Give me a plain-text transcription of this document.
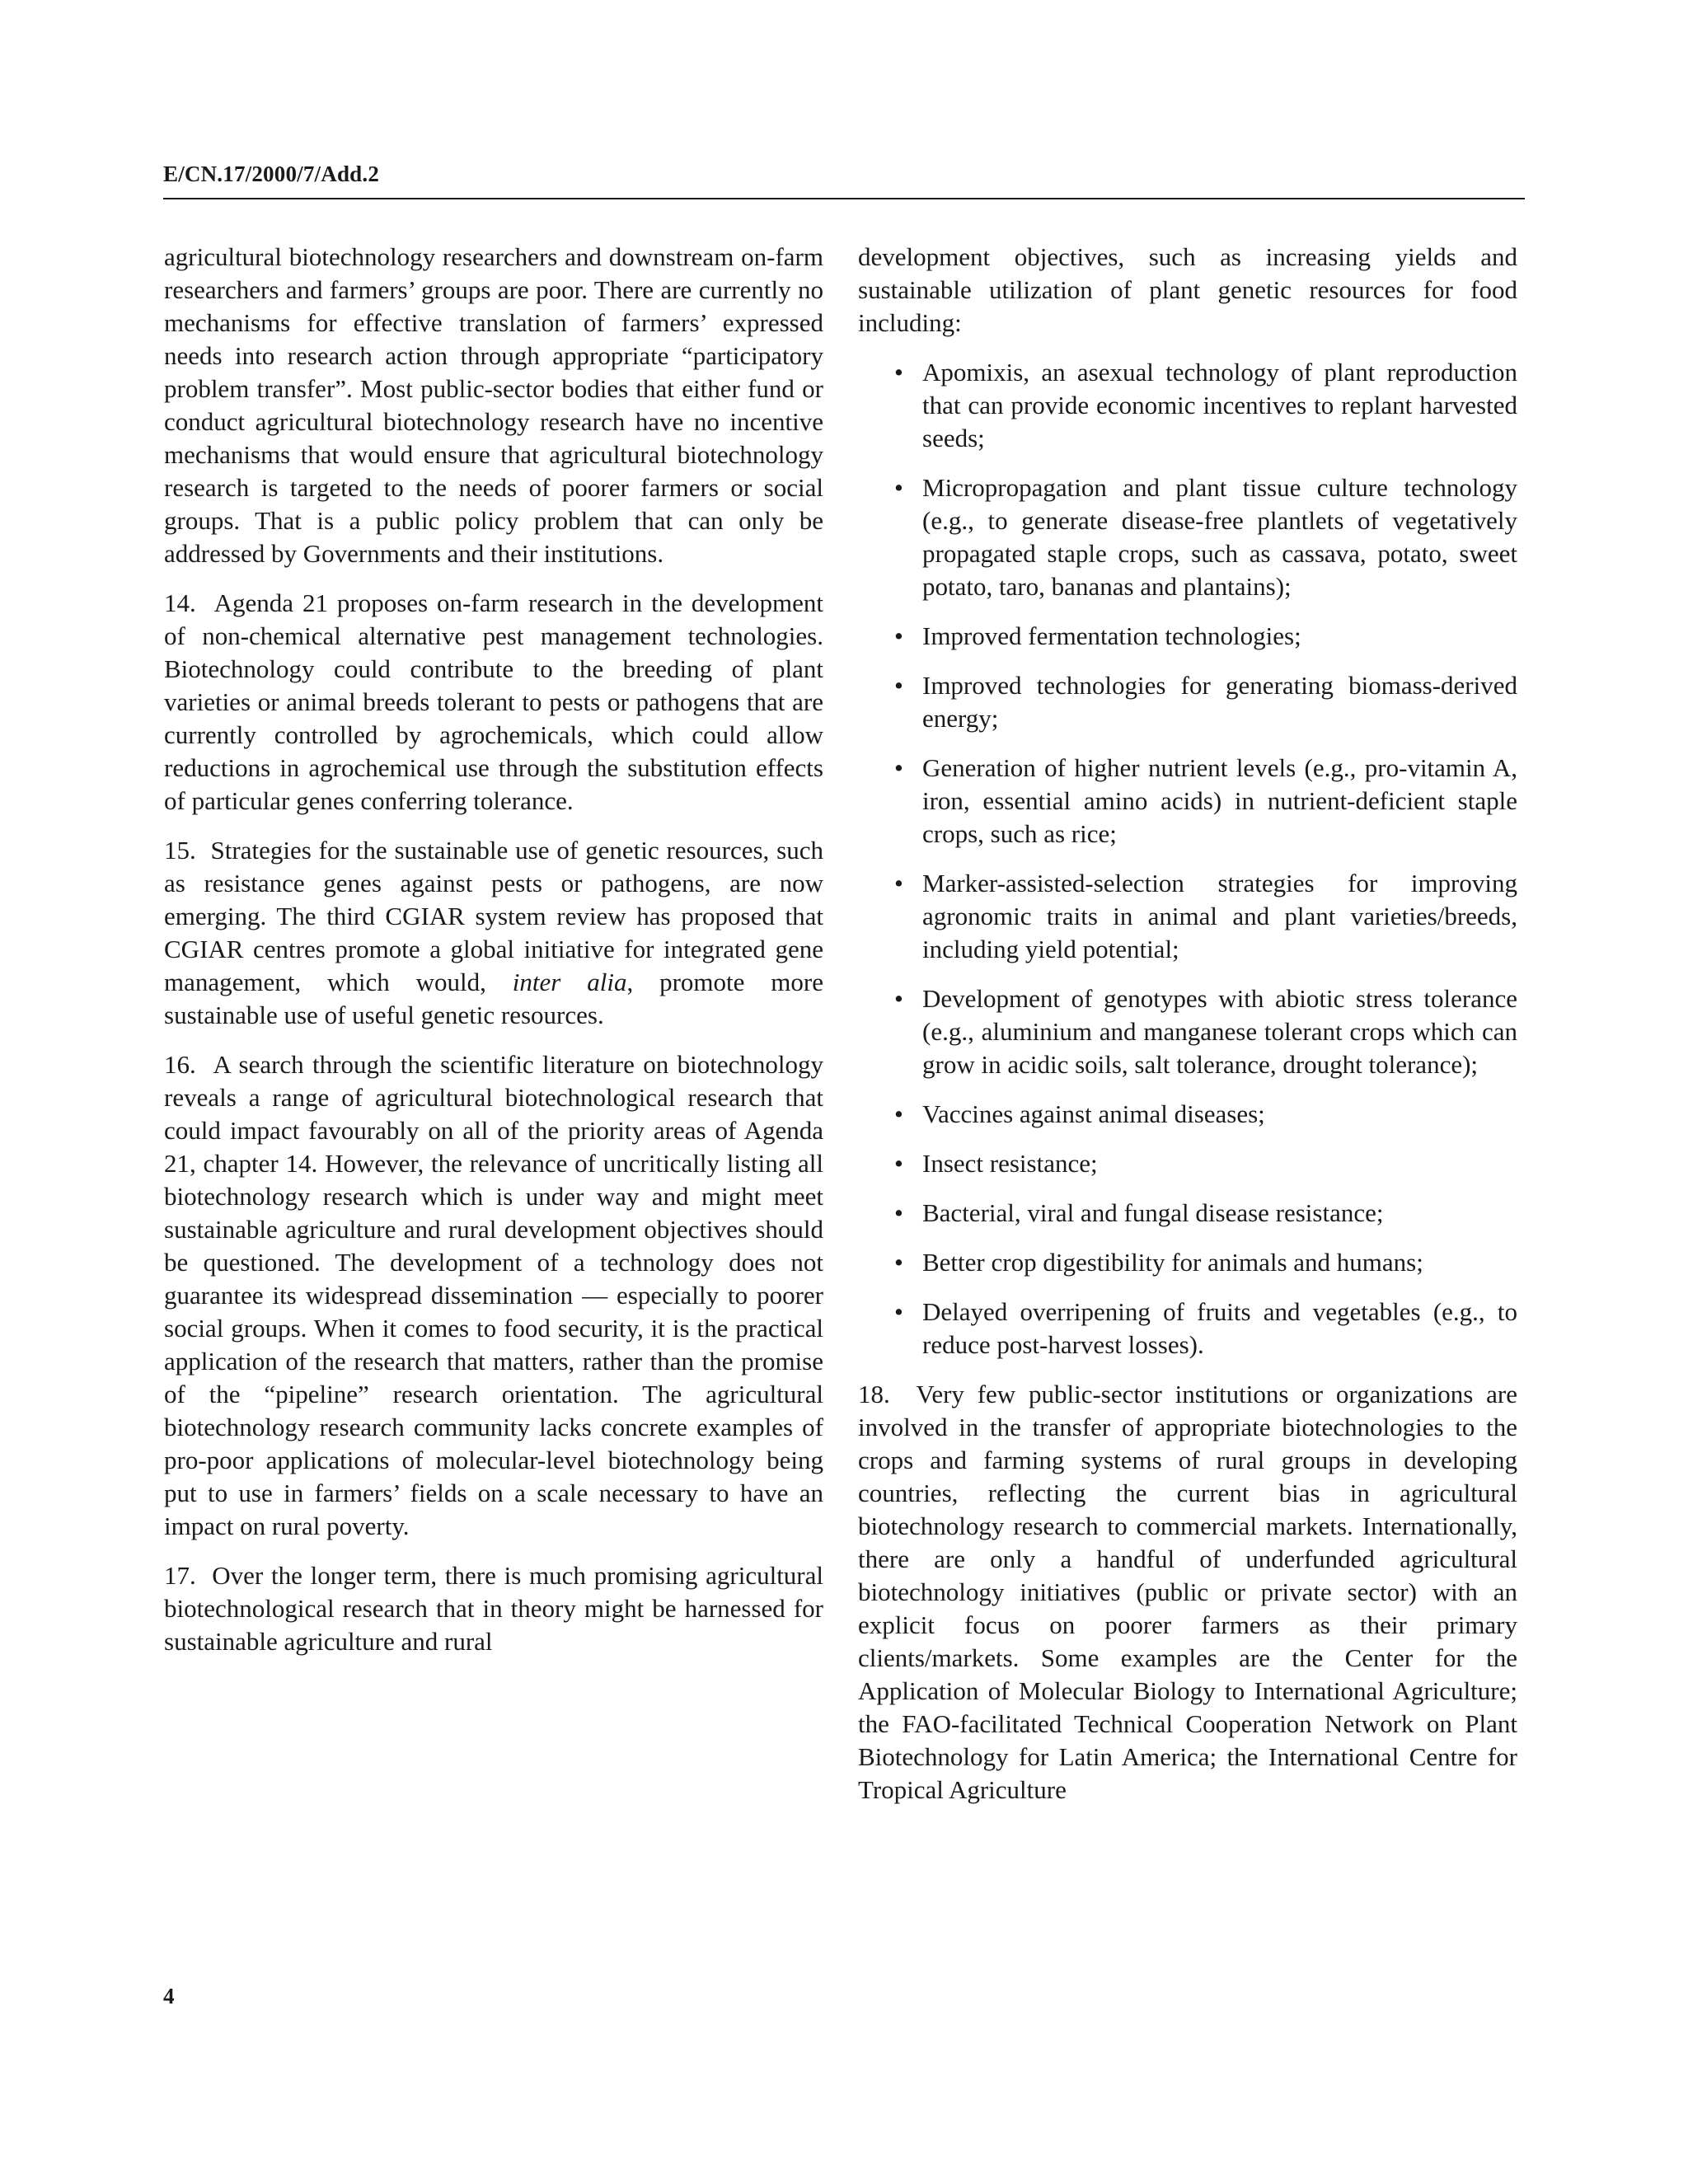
E/CN.17/2000/7/Add.2

agricultural biotechnology researchers and downstream on-farm researchers and farmers’ groups are poor. There are currently no mechanisms for effective translation of farmers’ expressed needs into research action through appropriate “participatory problem transfer”. Most public-sector bodies that either fund or conduct agricultural biotechnology research have no incentive mechanisms that would ensure that agricultural biotechnology research is targeted to the needs of poorer farmers or social groups. That is a public policy problem that can only be addressed by Governments and their institutions.

14. Agenda 21 proposes on-farm research in the development of non-chemical alternative pest management technologies. Biotechnology could contribute to the breeding of plant varieties or animal breeds tolerant to pests or pathogens that are currently controlled by agrochemicals, which could allow reductions in agrochemical use through the substitution effects of particular genes conferring tolerance.

15. Strategies for the sustainable use of genetic resources, such as resistance genes against pests or pathogens, are now emerging. The third CGIAR system review has proposed that CGIAR centres promote a global initiative for integrated gene management, which would, inter alia, promote more sustainable use of useful genetic resources.

16. A search through the scientific literature on biotechnology reveals a range of agricultural biotechnological research that could impact favourably on all of the priority areas of Agenda 21, chapter 14. However, the relevance of uncritically listing all biotechnology research which is under way and might meet sustainable agriculture and rural development objectives should be questioned. The development of a technology does not guarantee its widespread dissemination — especially to poorer social groups. When it comes to food security, it is the practical application of the research that matters, rather than the promise of the “pipeline” research orientation. The agricultural biotechnology research community lacks concrete examples of pro-poor applications of molecular-level biotechnology being put to use in farmers’ fields on a scale necessary to have an impact on rural poverty.

17. Over the longer term, there is much promising agricultural biotechnological research that in theory might be harnessed for sustainable agriculture and rural

development objectives, such as increasing yields and sustainable utilization of plant genetic resources for food including:

• Apomixis, an asexual technology of plant reproduction that can provide economic incentives to replant harvested seeds;
• Micropropagation and plant tissue culture technology (e.g., to generate disease-free plantlets of vegetatively propagated staple crops, such as cassava, potato, sweet potato, taro, bananas and plantains);
• Improved fermentation technologies;
• Improved technologies for generating biomass-derived energy;
• Generation of higher nutrient levels (e.g., pro-vitamin A, iron, essential amino acids) in nutrient-deficient staple crops, such as rice;
• Marker-assisted-selection strategies for improving agronomic traits in animal and plant varieties/breeds, including yield potential;
• Development of genotypes with abiotic stress tolerance (e.g., aluminium and manganese tolerant crops which can grow in acidic soils, salt tolerance, drought tolerance);
• Vaccines against animal diseases;
• Insect resistance;
• Bacterial, viral and fungal disease resistance;
• Better crop digestibility for animals and humans;
• Delayed overripening of fruits and vegetables (e.g., to reduce post-harvest losses).

18. Very few public-sector institutions or organizations are involved in the transfer of appropriate biotechnologies to the crops and farming systems of rural groups in developing countries, reflecting the current bias in agricultural biotechnology research to commercial markets. Internationally, there are only a handful of underfunded agricultural biotechnology initiatives (public or private sector) with an explicit focus on poorer farmers as their primary clients/markets. Some examples are the Center for the Application of Molecular Biology to International Agriculture; the FAO-facilitated Technical Cooperation Network on Plant Biotechnology for Latin America; the International Centre for Tropical Agriculture

4
